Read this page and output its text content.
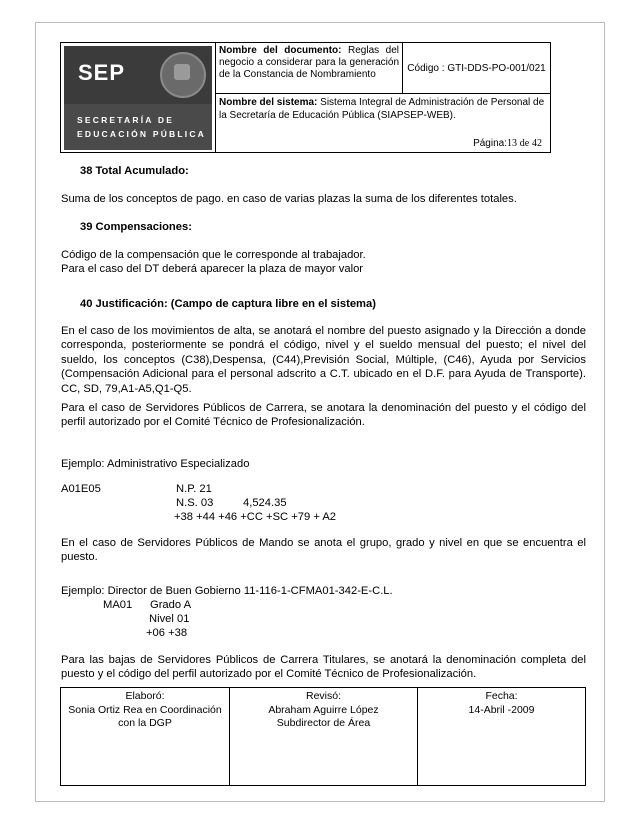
SEP
SECRETARÍA DE
EDUCACIÓN PÚBLICA
	Nombre del documento: Reglas del negocio a considerar para la generación de la Constancia de Nombramiento	Código : GTI-DDS-PO-001/021
Nombre del sistema: Sistema Integral de Administración de Personal de la Secretaría de Educación Pública (SIAPSEP-WEB).
Página:13 de 42
38 Total Acumulado:
Suma de los conceptos de pago. en caso de varias plazas la suma de los diferentes totales.
39 Compensaciones:
Código de la compensación que le corresponde al trabajador.
Para el caso del DT deberá aparecer la plaza de mayor valor
40 Justificación: (Campo de captura libre en el sistema)
En el caso de los movimientos de alta, se anotará el nombre del puesto asignado y la Dirección a donde corresponda, posteriormente se pondrá el código, nivel y el sueldo mensual del puesto; el nivel del sueldo, los conceptos (C38),Despensa, (C44),Previsión Social, Múltiple, (C46), Ayuda por Servicios (Compensación Adicional para el personal adscrito a C.T. ubicado en el D.F. para Ayuda de Transporte). CC, SD, 79,A1-A5,Q1-Q5.
Para el caso de Servidores Públicos de Carrera, se anotara la denominación del puesto y el código del perfil autorizado por el Comité Técnico de Profesionalización.
Ejemplo: Administrativo Especializado
A01E05	N.P. 21
N.S. 03	4,524.35
+38 +44 +46 +CC +SC +79 + A2
En el caso de Servidores Públicos de Mando se anota el grupo, grado y nivel en que se encuentra el puesto.
Ejemplo: Director de Buen Gobierno 11-116-1-CFMA01-342-E-C.L.
MA01 Grado A
Nivel 01
+06 +38
Para las bajas de Servidores Públicos de Carrera Titulares, se anotará la denominación completa del puesto y el código del perfil autorizado por el Comité Técnico de Profesionalización.
Elaboró:
Sonia Ortiz Rea en Coordinación
con la DGP

Revisó:
Abraham Aguirre López
Subdirector de Área

Fecha:
14-Abril -2009
